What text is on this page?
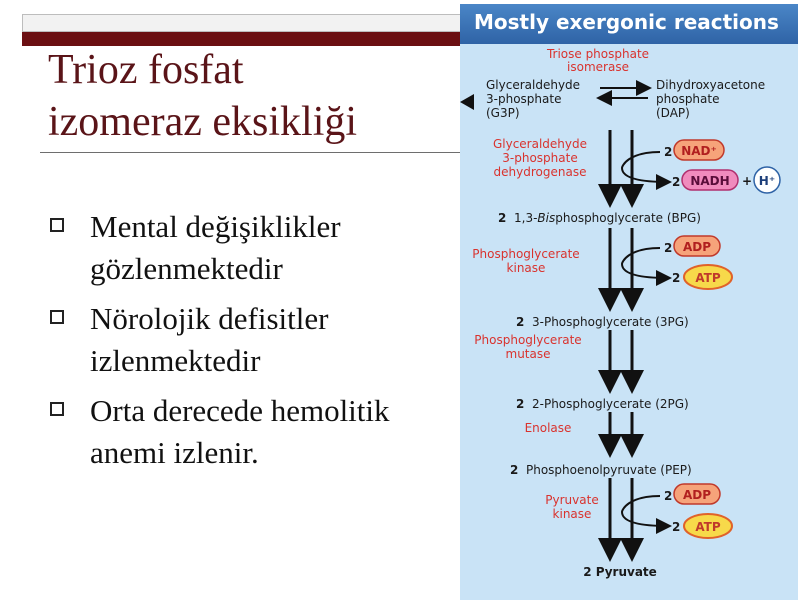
Trioz fosfat
izomeraz eksikliği
Mental değişiklikler
gözlenmektedir
Nörolojik defisitler
izlenmektedir
Orta derecede hemolitik
anemi izlenir.
Mostly exergonic reactions
Triose phosphate
isomerase
Glyceraldehyde
3-phosphate
(G3P)
Dihydroxyacetone
phosphate
(DAP)
Glyceraldehyde
3-phosphate
dehydrogenase
2 NAD⁺
2 NADH + H⁺
2 1,3-Bisphosphoglycerate (BPG)
Phosphoglycerate
kinase
2 ADP
2 ATP
2 3-Phosphoglycerate (3PG)
Phosphoglycerate
mutase
2 2-Phosphoglycerate (2PG)
Enolase
2 Phosphoenolpyruvate (PEP)
Pyruvate
kinase
2 ADP
2 ATP
2 Pyruvate
